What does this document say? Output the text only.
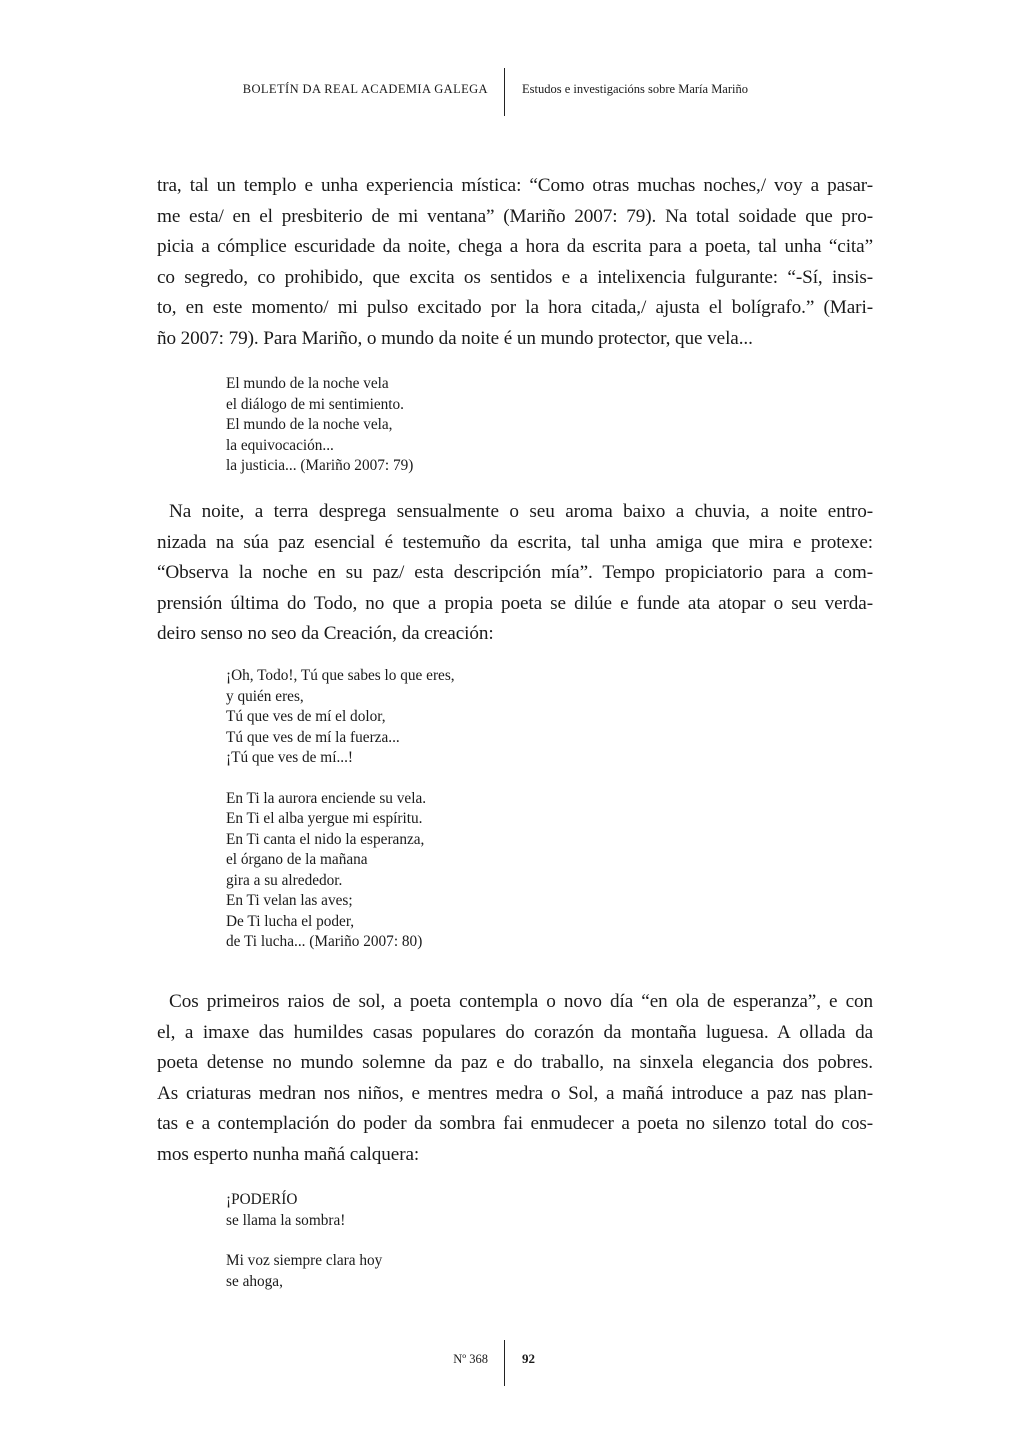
BOLETÍN DA REAL ACADEMIA GALEGA	Estudos e investigacións sobre María Mariño
tra, tal un templo e unha experiencia mística: “Como otras muchas noches,/ voy a pasar-
me esta/ en el presbiterio de mi ventana” (Mariño 2007: 79). Na total soidade que pro-
picia a cómplice escuridade da noite, chega a hora da escrita para a poeta, tal unha “cita”
co segredo, co prohibido, que excita os sentidos e a intelixencia fulgurante: “-Sí, insis-
to, en este momento/ mi pulso excitado por la hora citada,/ ajusta el bolígrafo.” (Mari-
ño 2007: 79). Para Mariño, o mundo da noite é un mundo protector, que vela...
El mundo de la noche vela
el diálogo de mi sentimiento.
El mundo de la noche vela,
la equivocación...
la justicia... (Mariño 2007: 79)
Na noite, a terra desprega sensualmente o seu aroma baixo a chuvia, a noite entro-
nizada na súa paz esencial é testemuño da escrita, tal unha amiga que mira e protexe:
“Observa la noche en su paz/ esta descripción mía”. Tempo propiciatorio para a com-
prensión última do Todo, no que a propia poeta se dilúe e funde ata atopar o seu verda-
deiro senso no seo da Creación, da creación:
¡Oh, Todo!, Tú que sabes lo que eres,
y quién eres,
Tú que ves de mí el dolor,
Tú que ves de mí la fuerza...
¡Tú que ves de mí...!
En Ti la aurora enciende su vela.
En Ti el alba yergue mi espíritu.
En Ti canta el nido la esperanza,
el órgano de la mañana
gira a su alrededor.
En Ti velan las aves;
De Ti lucha el poder,
de Ti lucha... (Mariño 2007: 80)
Cos primeiros raios de sol, a poeta contempla o novo día “en ola de esperanza”, e con
el, a imaxe das humildes casas populares do corazón da montaña luguesa. A ollada da
poeta detense no mundo solemne da paz e do traballo, na sinxela elegancia dos pobres.
As criaturas medran nos niños, e mentres medra o Sol, a mañá introduce a paz nas plan-
tas e a contemplación do poder da sombra fai enmudecer a poeta no silenzo total do cos-
mos esperto nunha mañá calquera:
¡PODERÍO
se llama la sombra!
Mi voz siempre clara hoy
se ahoga,
Nº 368	92
